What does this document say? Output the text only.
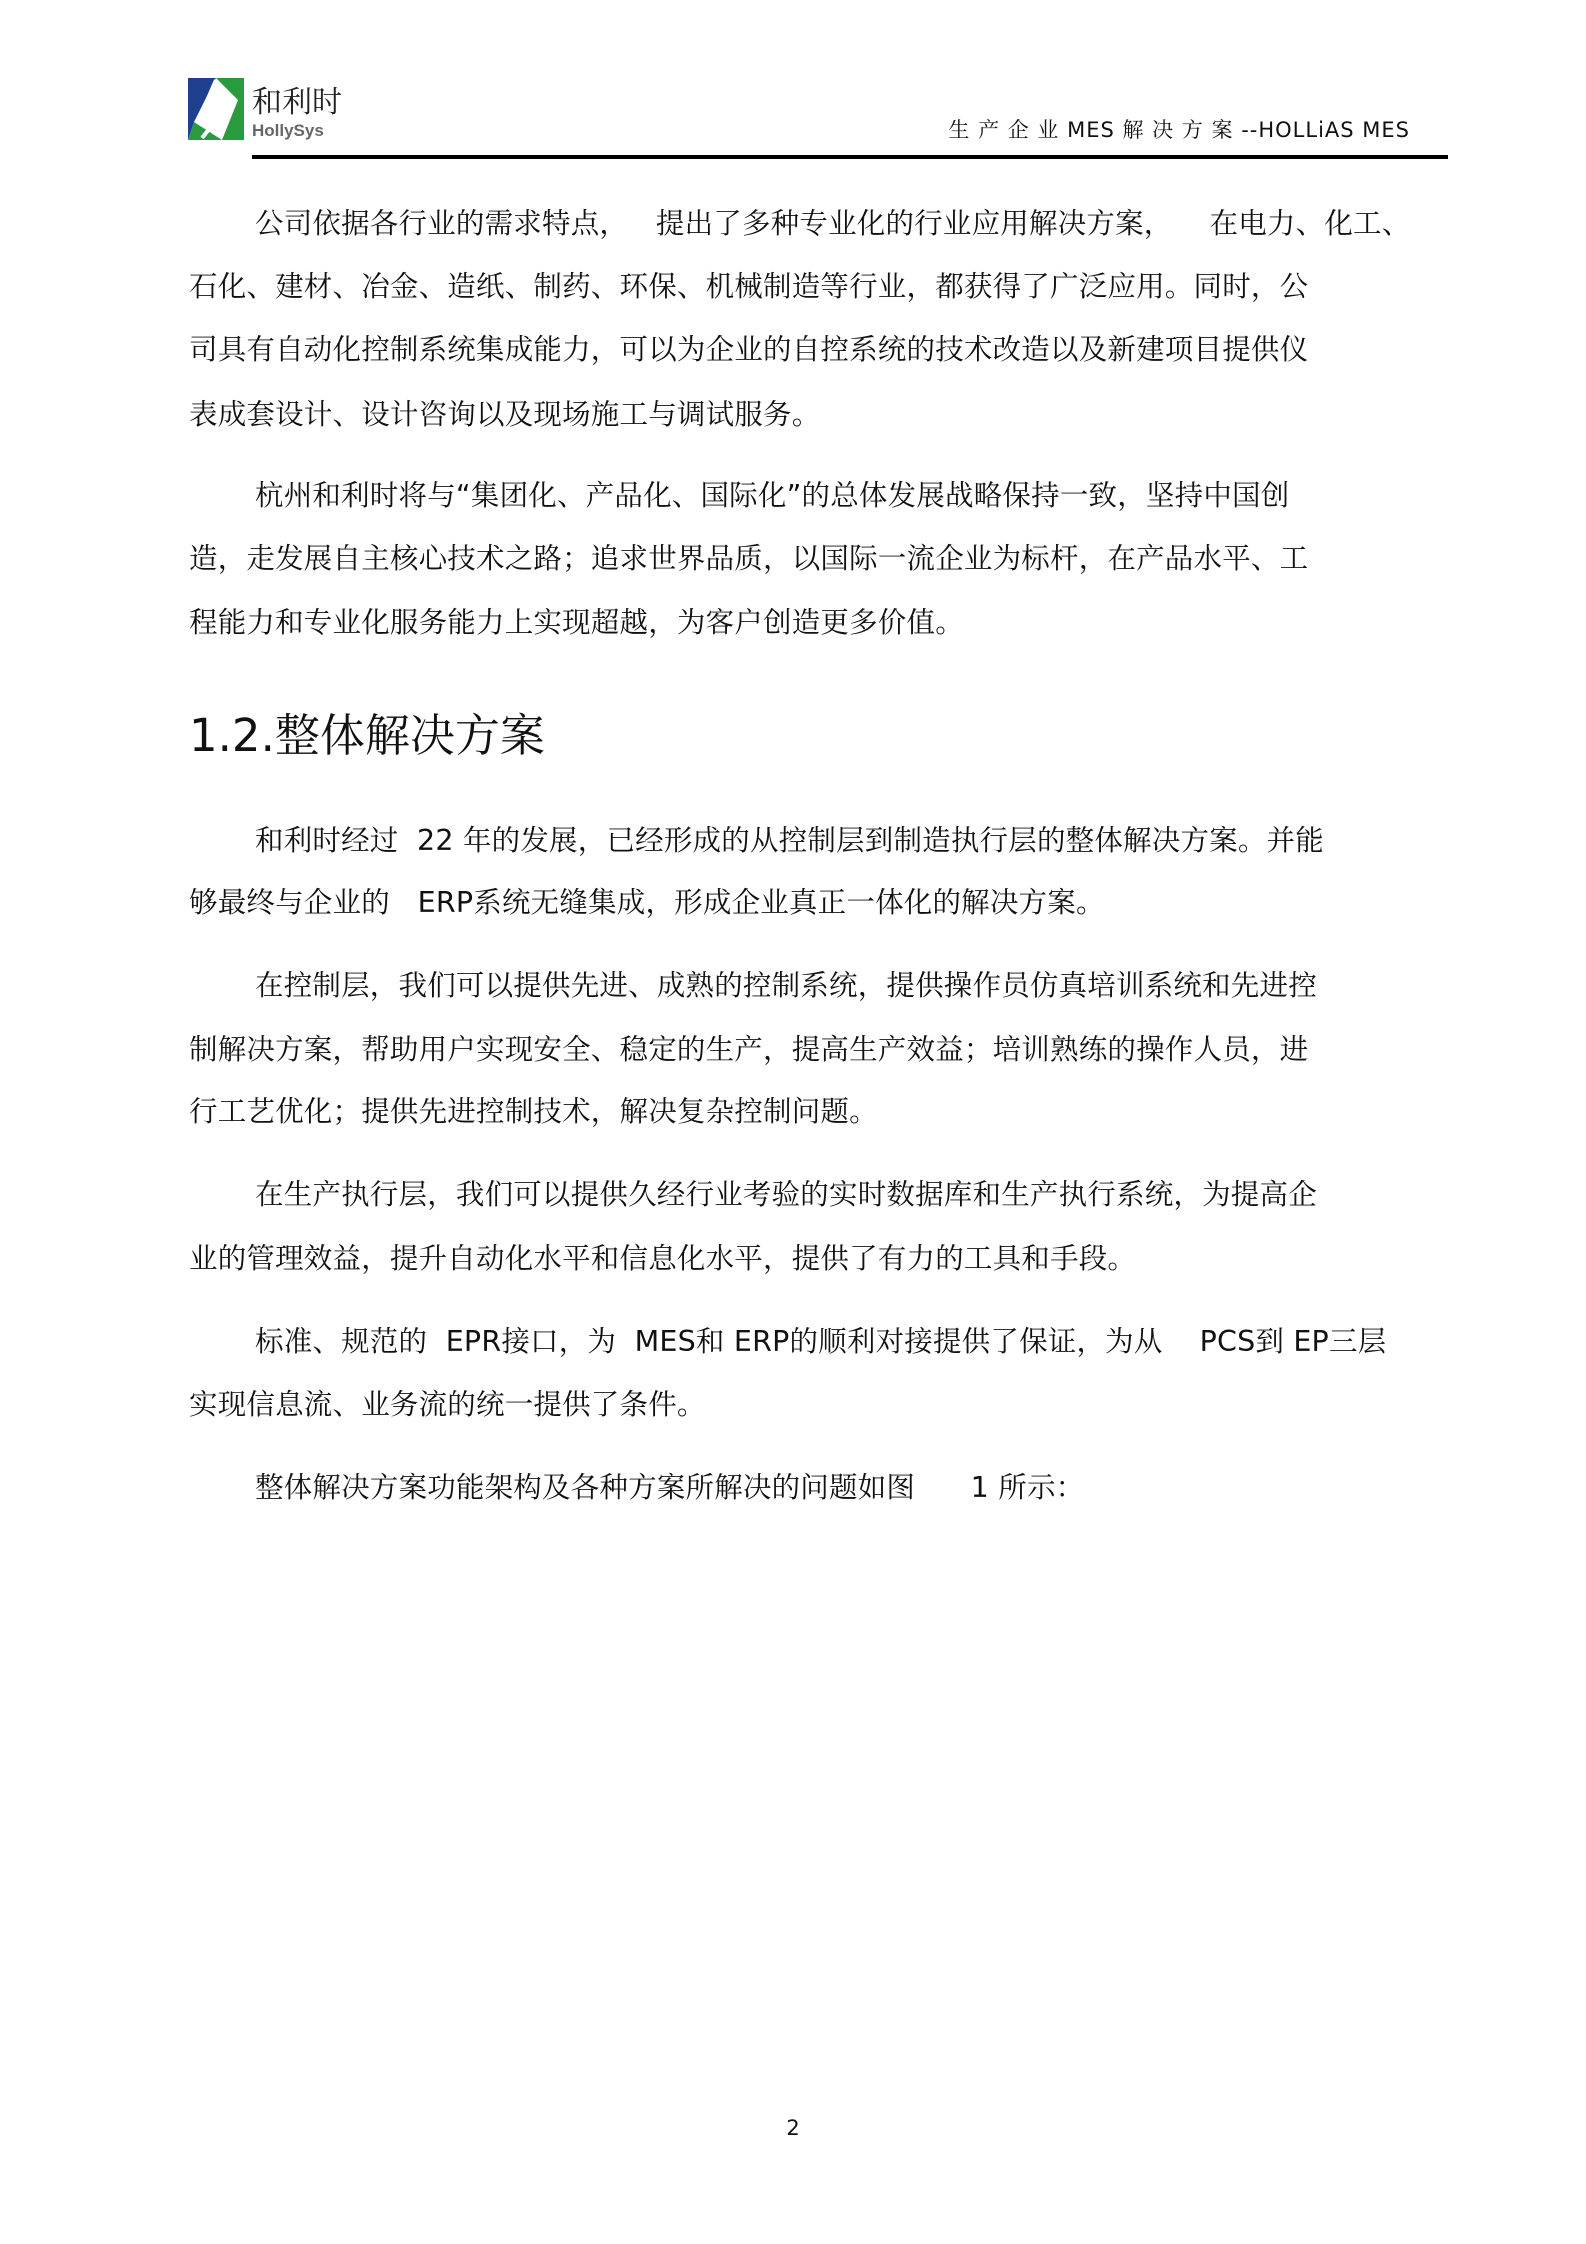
和利时
HollySys	生 产 企 业 MES 解 决 方 案 --HOLLiAS MES
公司依据各行业的需求特点，   提出了多种专业化的行业应用解决方案，    在电力、化工、
石化、建材、冶金、造纸、制药、环保、机械制造等行业，都获得了广泛应用。同时，公
司具有自动化控制系统集成能力，可以为企业的自控系统的技术改造以及新建项目提供仪
表成套设计、设计咨询以及现场施工与调试服务。
杭州和利时将与“集团化、产品化、国际化”的总体发展战略保持一致，坚持中国创
造，走发展自主核心技术之路；追求世界品质，以国际一流企业为标杆，在产品水平、工
程能力和专业化服务能力上实现超越，为客户创造更多价值。
1.2.整体解决方案
和利时经过  22 年的发展，已经形成的从控制层到制造执行层的整体解决方案。并能
够最终与企业的   ERP系统无缝集成，形成企业真正一体化的解决方案。
在控制层，我们可以提供先进、成熟的控制系统，提供操作员仿真培训系统和先进控
制解决方案，帮助用户实现安全、稳定的生产，提高生产效益；培训熟练的操作人员，进
行工艺优化；提供先进控制技术，解决复杂控制问题。
在生产执行层，我们可以提供久经行业考验的实时数据库和生产执行系统，为提高企
业的管理效益，提升自动化水平和信息化水平，提供了有力的工具和手段。
标准、规范的  EPR接口，为  MES和 ERP的顺利对接提供了保证，为从    PCS到 EP三层
实现信息流、业务流的统一提供了条件。
整体解决方案功能架构及各种方案所解决的问题如图      1 所示：
2
